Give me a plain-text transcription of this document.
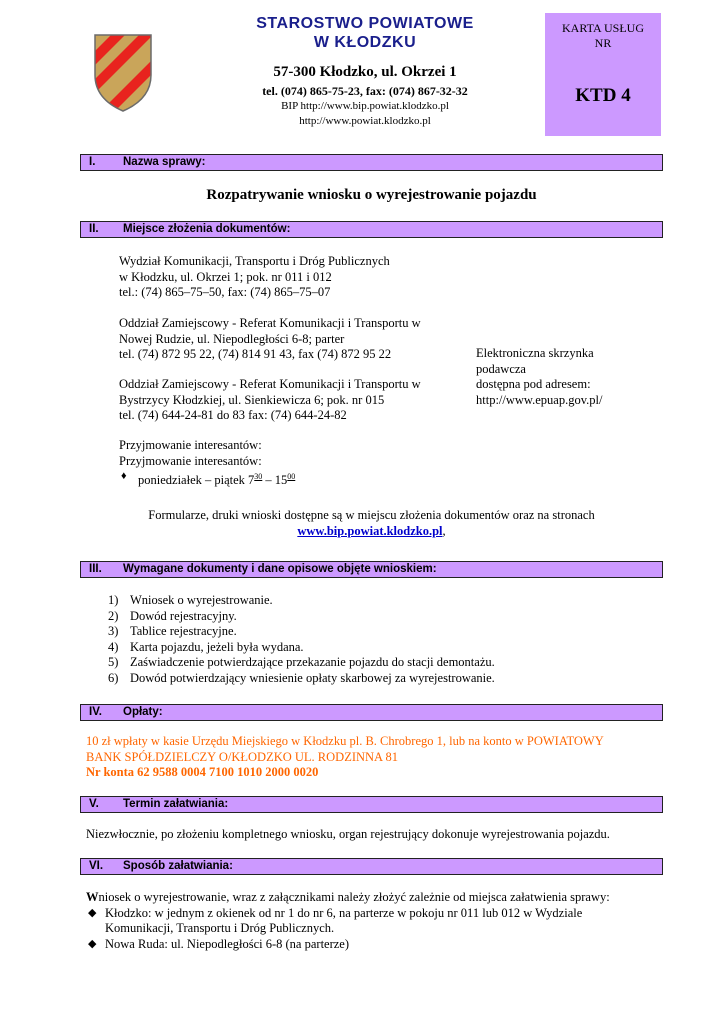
STAROSTWO POWIATOWE
W KŁODZKU
57-300 Kłodzko, ul. Okrzei 1
tel. (074) 865-75-23, fax: (074) 867-32-32
BIP http://www.bip.powiat.klodzko.pl
http://www.powiat.klodzko.pl
KARTA USŁUG
NR
KTD 4
I. Nazwa sprawy:
Rozpatrywanie wniosku o wyrejestrowanie pojazdu
II. Miejsce złożenia dokumentów:
Wydział Komunikacji, Transportu i Dróg Publicznych
w Kłodzku, ul. Okrzei 1; pok. nr 011 i 012
tel.: (74) 865–75–50, fax: (74) 865–75–07
Oddział Zamiejscowy - Referat Komunikacji i Transportu w
Nowej Rudzie, ul. Niepodległości 6-8; parter
tel. (74) 872 95 22, (74) 814 91 43, fax (74) 872 95 22
Oddział Zamiejscowy - Referat Komunikacji i Transportu w
Bystrzycy Kłodzkiej, ul. Sienkiewicza 6; pok. nr 015
tel. (74) 644-24-81 do 83 fax: (74) 644-24-82
Elektroniczna skrzynka
podawcza
dostępna pod adresem:
http://www.epuap.gov.pl/
Przyjmowanie interesantów:
Przyjmowanie interesantów:
♦ poniedziałek – piątek $7^{30} - 15^{00}$
Formularze, druki wnioski dostępne są w miejscu złożenia dokumentów oraz na stronach
www.bip.powiat.klodzko.pl,
III. Wymagane dokumenty i dane opisowe objęte wnioskiem:
1) Wniosek o wyrejestrowanie.
2) Dowód rejestracyjny.
3) Tablice rejestracyjne.
4) Karta pojazdu, jeżeli była wydana.
5) Zaświadczenie potwierdzające przekazanie pojazdu do stacji demontażu.
6) Dowód potwierdzający wniesienie opłaty skarbowej za wyrejestrowanie.
IV. Opłaty:
10 zł wpłaty w kasie Urzędu Miejskiego w Kłodzku pl. B. Chrobrego 1, lub na konto w POWIATOWY
BANK SPÓŁDZIELCZY O/KŁODZKO UL. RODZINNA 81
Nr konta 62 9588 0004 7100 1010 2000 0020
V. Termin załatwiania:
Niezwłocznie, po złożeniu kompletnego wniosku, organ rejestrujący dokonuje wyrejestrowania pojazdu.
VI. Sposób załatwiania:
Wniosek o wyrejestrowanie, wraz z załącznikami należy złożyć zależnie od miejsca załatwienia sprawy:
◆ Kłodzko: w jednym z okienek od nr 1 do nr 6, na parterze w pokoju nr 011 lub 012 w Wydziale
Komunikacji, Transportu i Dróg Publicznych.
◆ Nowa Ruda: ul. Niepodległości 6-8 (na parterze)
